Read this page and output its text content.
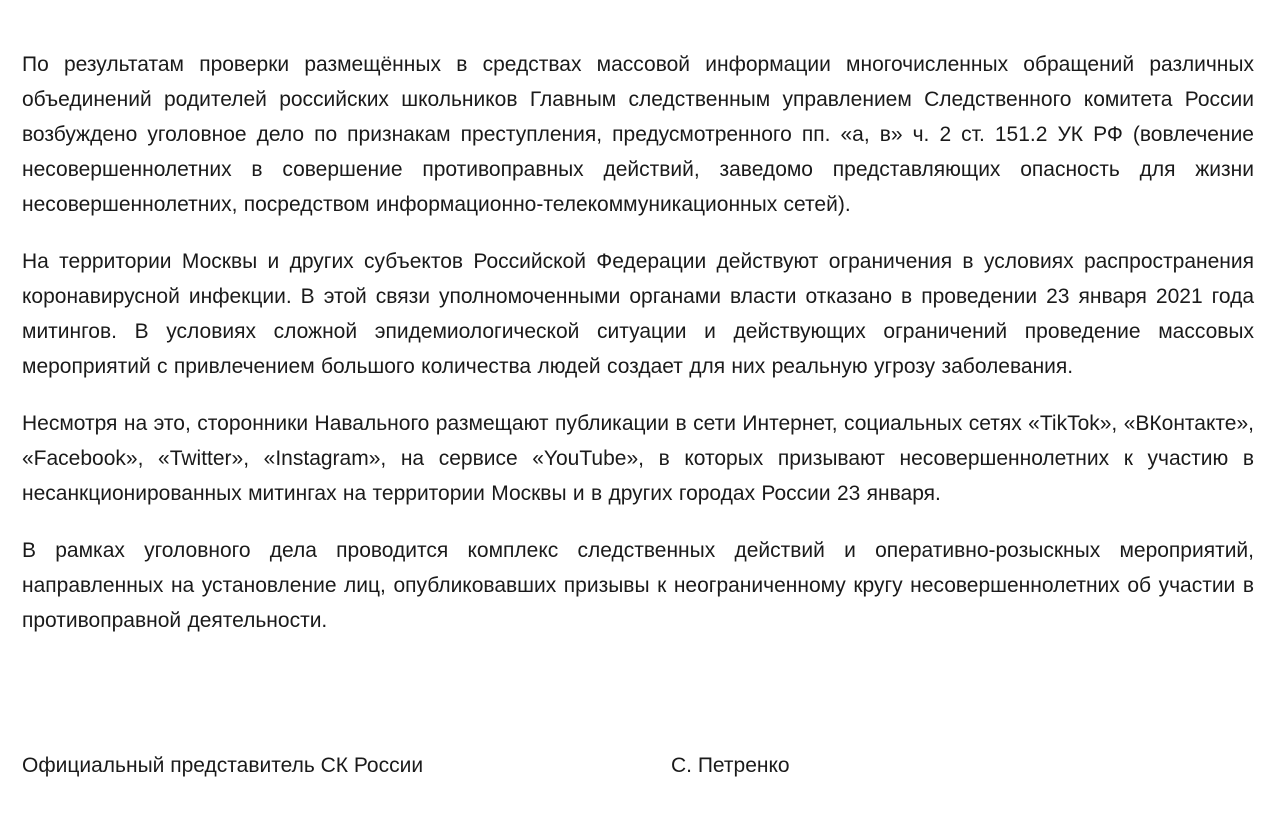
По результатам проверки размещённых в средствах массовой информации многочисленных обращений различных объединений родителей российских школьников Главным следственным управлением Следственного комитета России возбуждено уголовное дело по признакам преступления, предусмотренного пп. «а, в» ч. 2 ст. 151.2 УК РФ (вовлечение несовершеннолетних в совершение противоправных действий, заведомо представляющих опасность для жизни несовершеннолетних, посредством информационно-телекоммуникационных сетей).

На территории Москвы и других субъектов Российской Федерации действуют ограничения в условиях распространения коронавирусной инфекции. В этой связи уполномоченными органами власти отказано в проведении 23 января 2021 года митингов. В условиях сложной эпидемиологической ситуации и действующих ограничений проведение массовых мероприятий с привлечением большого количества людей создает для них реальную угрозу заболевания.

Несмотря на это, сторонники Навального размещают публикации в сети Интернет, социальных сетях «TikTok», «ВКонтакте», «Facebook», «Twitter», «Instagram», на сервисе «YouTube», в которых призывают несовершеннолетних к участию в несанкционированных митингах на территории Москвы и в других городах России 23 января.

В рамках уголовного дела проводится комплекс следственных действий и оперативно-розыскных мероприятий, направленных на установление лиц, опубликовавших призывы к неограниченному кругу несовершеннолетних об участии в противоправной деятельности.

Официальный представитель СК России	С. Петренко
